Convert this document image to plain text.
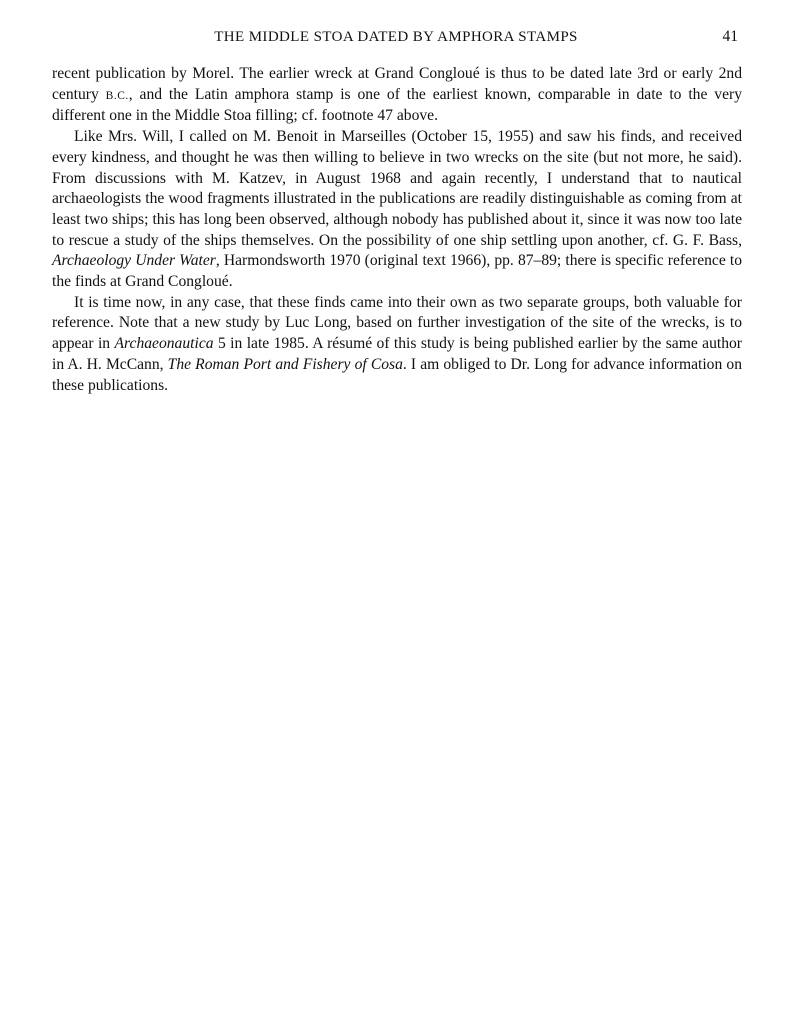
THE MIDDLE STOA DATED BY AMPHORA STAMPS	41

recent publication by Morel. The earlier wreck at Grand Congloué is thus to be dated late 3rd or early 2nd century B.C., and the Latin amphora stamp is one of the earliest known, comparable in date to the very different one in the Middle Stoa filling; cf. footnote 47 above.

Like Mrs. Will, I called on M. Benoit in Marseilles (October 15, 1955) and saw his finds, and received every kindness, and thought he was then willing to believe in two wrecks on the site (but not more, he said). From discussions with M. Katzev, in August 1968 and again recently, I understand that to nautical archaeologists the wood fragments illustrated in the publications are readily distinguishable as coming from at least two ships; this has long been observed, although nobody has published about it, since it was now too late to rescue a study of the ships themselves. On the possibility of one ship settling upon another, cf. G. F. Bass, Archaeology Under Water, Harmondsworth 1970 (original text 1966), pp. 87–89; there is specific reference to the finds at Grand Congloué.

It is time now, in any case, that these finds came into their own as two separate groups, both valuable for reference. Note that a new study by Luc Long, based on further investigation of the site of the wrecks, is to appear in Archaeonautica 5 in late 1985. A résumé of this study is being published earlier by the same author in A. H. McCann, The Roman Port and Fishery of Cosa. I am obliged to Dr. Long for advance information on these publications.
